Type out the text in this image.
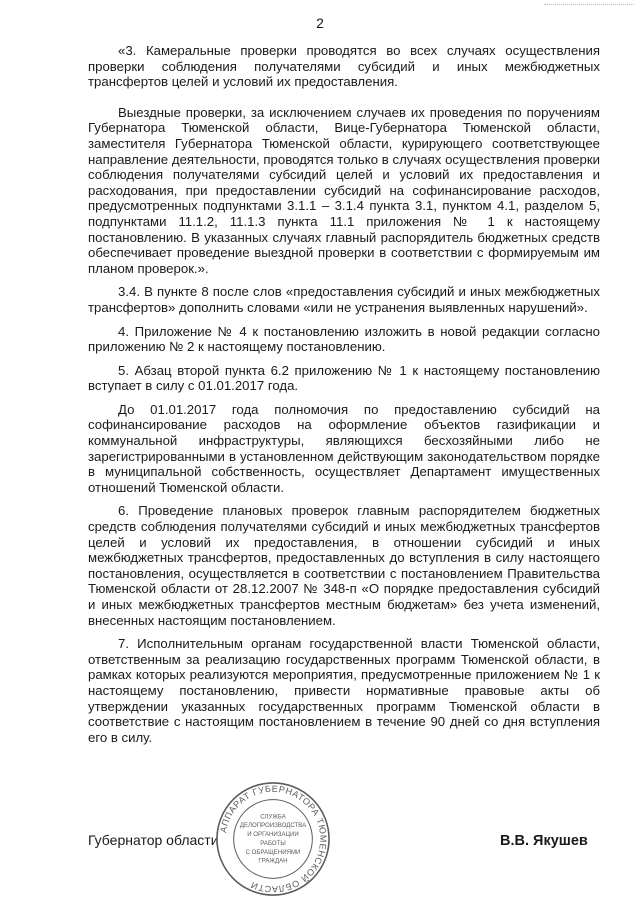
2

«3. Камеральные проверки проводятся во всех случаях осуществления проверки соблюдения получателями субсидий и иных межбюджетных трансфертов целей и условий их предоставления.

Выездные проверки, за исключением случаев их проведения по поручениям Губернатора Тюменской области, Вице-Губернатора Тюменской области, заместителя Губернатора Тюменской области, курирующего соответствующее направление деятельности, проводятся только в случаях осуществления проверки соблюдения получателями субсидий целей и условий их предоставления и расходования, при предоставлении субсидий на софинансирование расходов, предусмотренных подпунктами 3.1.1 – 3.1.4 пункта 3.1, пунктом 4.1, разделом 5, подпунктами 11.1.2, 11.1.3 пункта 11.1 приложения № 1 к настоящему постановлению. В указанных случаях главный распорядитель бюджетных средств обеспечивает проведение выездной проверки в соответствии с формируемым им планом проверок.».

3.4. В пункте 8 после слов «предоставления субсидий и иных межбюджетных трансфертов» дополнить словами «или не устранения выявленных нарушений».

4. Приложение № 4 к постановлению изложить в новой редакции согласно приложению № 2 к настоящему постановлению.

5. Абзац второй пункта 6.2 приложению № 1 к настоящему постановлению вступает в силу с 01.01.2017 года.

До 01.01.2017 года полномочия по предоставлению субсидий на софинансирование расходов на оформление объектов газификации и коммунальной инфраструктуры, являющихся бесхозяйными либо не зарегистрированными в установленном действующим законодательством порядке в муниципальной собственность, осуществляет Департамент имущественных отношений Тюменской области.

6. Проведение плановых проверок главным распорядителем бюджетных средств соблюдения получателями субсидий и иных межбюджетных трансфертов целей и условий их предоставления, в отношении субсидий и иных межбюджетных трансфертов, предоставленных до вступления в силу настоящего постановления, осуществляется в соответствии с постановлением Правительства Тюменской области от 28.12.2007 № 348-п «О порядке предоставления субсидий и иных межбюджетных трансфертов местным бюджетам» без учета изменений, внесенных настоящим постановлением.

7. Исполнительным органам государственной власти Тюменской области, ответственным за реализацию государственных программ Тюменской области, в рамках которых реализуются мероприятия, предусмотренные приложением № 1 к настоящему постановлению, привести нормативные правовые акты об утверждении указанных государственных программ Тюменской области в соответствие с настоящим постановлением в течение 90 дней со дня вступления его в силу.

Губернатор области
АППАРАТ ГУБЕРНАТОРА ТЮМЕНСКОЙ ОБЛАСТИ
СЛУЖБА
ДЕЛОПРОИЗВОДСТВА
И ОРГАНИЗАЦИИ
РАБОТЫ
С ОБРАЩЕНИЯМИ
ГРАЖДАН
В.В. Якушев
